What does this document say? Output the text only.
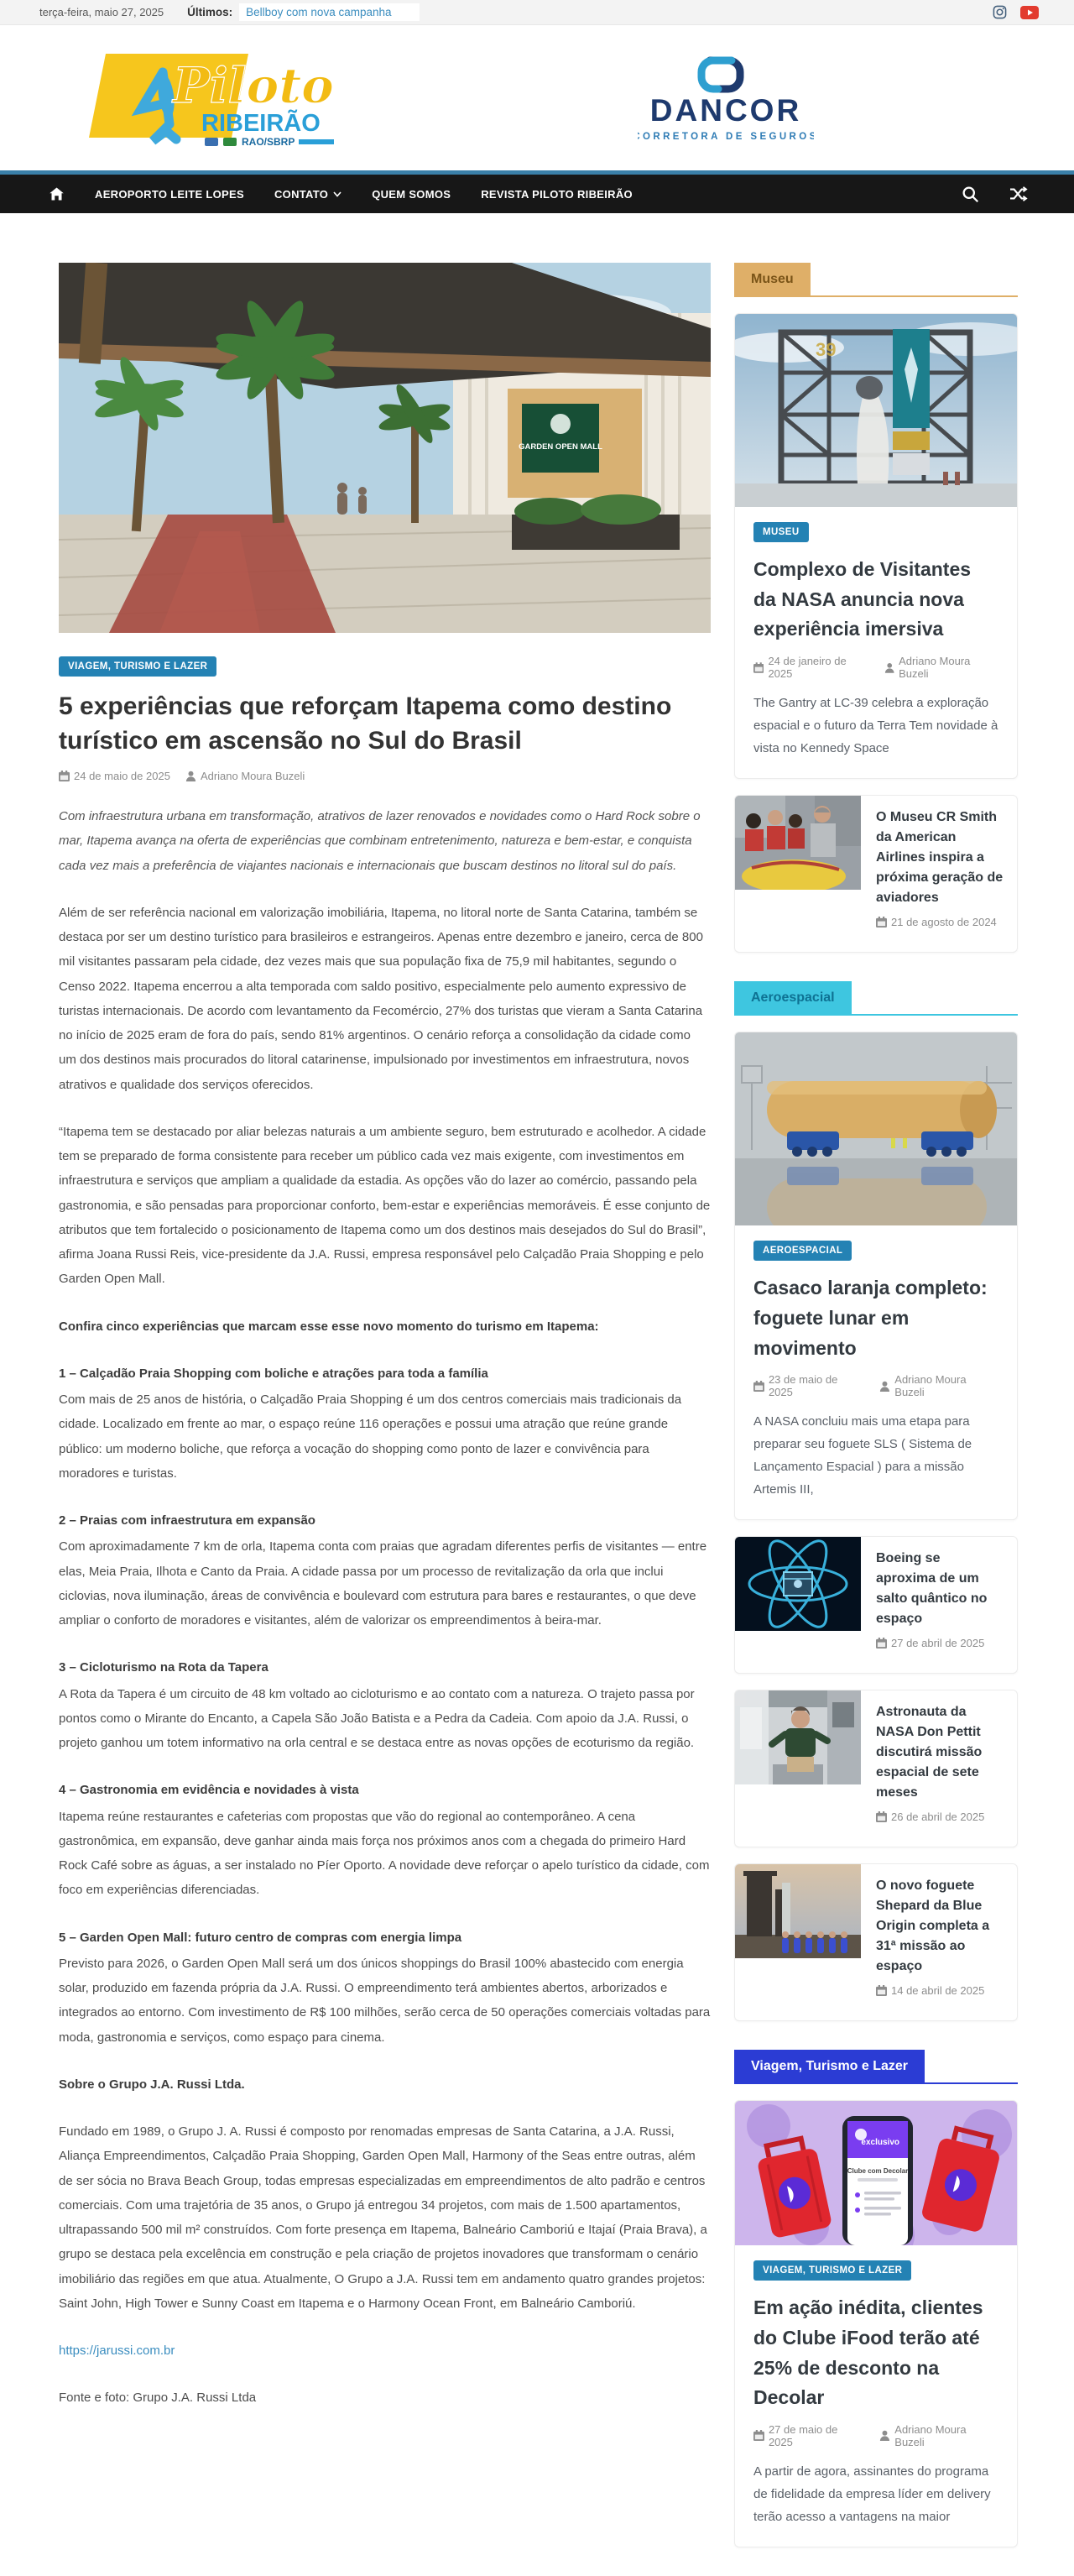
terça-feira, maio 27, 2025 Últimos:	Bellboy com nova campanha
Piloto
RIBEIRÃO
RAO/SBRP
DANCOR
CORRETORA DE SEGUROS
AEROPORTO LEITE LOPES	CONTATO	QUEM SOMOS	REVISTA PILOTO RIBEIRÃO
GARDEN OPEN MALL
VIAGEM, TURISMO E LAZER
5 experiências que reforçam Itapema como destino turístico em ascensão no Sul do Brasil
24 de maio de 2025	Adriano Moura Buzeli

Com infraestrutura urbana em transformação, atrativos de lazer renovados e novidades como o Hard Rock sobre o mar, Itapema avança na oferta de experiências que combinam entretenimento, natureza e bem-estar, e conquista cada vez mais a preferência de viajantes nacionais e internacionais que buscam destinos no litoral sul do país.

Além de ser referência nacional em valorização imobiliária, Itapema, no litoral norte de Santa Catarina, também se destaca por ser um destino turístico para brasileiros e estrangeiros. Apenas entre dezembro e janeiro, cerca de 800 mil visitantes passaram pela cidade, dez vezes mais que sua população fixa de 75,9 mil habitantes, segundo o Censo 2022. Itapema encerrou a alta temporada com saldo positivo, especialmente pelo aumento expressivo de turistas internacionais. De acordo com levantamento da Fecomércio, 27% dos turistas que vieram a Santa Catarina no início de 2025 eram de fora do país, sendo 81% argentinos. O cenário reforça a consolidação da cidade como um dos destinos mais procurados do litoral catarinense, impulsionado por investimentos em infraestrutura, novos atrativos e qualidade dos serviços oferecidos.

“Itapema tem se destacado por aliar belezas naturais a um ambiente seguro, bem estruturado e acolhedor. A cidade tem se preparado de forma consistente para receber um público cada vez mais exigente, com investimentos em infraestrutura e serviços que ampliam a qualidade da estadia. As opções vão do lazer ao comércio, passando pela gastronomia, e são pensadas para proporcionar conforto, bem-estar e experiências memoráveis. É esse conjunto de atributos que tem fortalecido o posicionamento de Itapema como um dos destinos mais desejados do Sul do Brasil”, afirma Joana Russi Reis, vice-presidente da J.A. Russi, empresa responsável pelo Calçadão Praia Shopping e pelo Garden Open Mall.

Confira cinco experiências que marcam esse esse novo momento do turismo em Itapema:

1 – Calçadão Praia Shopping com boliche e atrações para toda a família

Com mais de 25 anos de história, o Calçadão Praia Shopping é um dos centros comerciais mais tradicionais da cidade. Localizado em frente ao mar, o espaço reúne 116 operações e possui uma atração que reúne grande público: um moderno boliche, que reforça a vocação do shopping como ponto de lazer e convivência para moradores e turistas.

2 – Praias com infraestrutura em expansão

Com aproximadamente 7 km de orla, Itapema conta com praias que agradam diferentes perfis de visitantes — entre elas, Meia Praia, Ilhota e Canto da Praia. A cidade passa por um processo de revitalização da orla que inclui ciclovias, nova iluminação, áreas de convivência e boulevard com estrutura para bares e restaurantes, o que deve ampliar o conforto de moradores e visitantes, além de valorizar os empreendimentos à beira-mar.

3 – Cicloturismo na Rota da Tapera

A Rota da Tapera é um circuito de 48 km voltado ao cicloturismo e ao contato com a natureza. O trajeto passa por pontos como o Mirante do Encanto, a Capela São João Batista e a Pedra da Cadeia. Com apoio da J.A. Russi, o projeto ganhou um totem informativo na orla central e se destaca entre as novas opções de ecoturismo da região.

4 – Gastronomia em evidência e novidades à vista

Itapema reúne restaurantes e cafeterias com propostas que vão do regional ao contemporâneo. A cena gastronômica, em expansão, deve ganhar ainda mais força nos próximos anos com a chegada do primeiro Hard Rock Café sobre as águas, a ser instalado no Píer Oporto. A novidade deve reforçar o apelo turístico da cidade, com foco em experiências diferenciadas.

5 – Garden Open Mall: futuro centro de compras com energia limpa

Previsto para 2026, o Garden Open Mall será um dos únicos shoppings do Brasil 100% abastecido com energia solar, produzido em fazenda própria da J.A. Russi. O empreendimento terá ambientes abertos, arborizados e integrados ao entorno. Com investimento de R$ 100 milhões, serão cerca de 50 operações comerciais voltadas para moda, gastronomia e serviços, como espaço para cinema.

Sobre o Grupo J.A. Russi Ltda.

Fundado em 1989, o Grupo J. A. Russi é composto por renomadas empresas de Santa Catarina, a J.A. Russi, Aliança Empreendimentos, Calçadão Praia Shopping, Garden Open Mall, Harmony of the Seas entre outras, além de ser sócia no Brava Beach Group, todas empresas especializadas em empreendimentos de alto padrão e centros comerciais. Com uma trajetória de 35 anos, o Grupo já entregou 34 projetos, com mais de 1.500 apartamentos, ultrapassando 500 mil m² construídos. Com forte presença em Itapema, Balneário Camboriú e Itajaí (Praia Brava), a grupo se destaca pela excelência em construção e pela criação de projetos inovadores que transformam o cenário imobiliário das regiões em que atua. Atualmente, O Grupo a J.A. Russi tem em andamento quatro grandes projetos: Saint John, High Tower e Sunny Coast em Itapema e o Harmony Ocean Front, em Balneário Camboriú.

https://jarussi.com.br

Fonte e foto: Grupo J.A. Russi Ltda

Museu
39
MUSEU
Complexo de Visitantes da NASA anuncia nova experiência imersiva
24 de janeiro de 2025
Adriano Moura Buzeli

The Gantry at LC-39 celebra a exploração espacial e o futuro da Terra Tem novidade à vista no Kennedy Space

O Museu CR Smith da American Airlines inspira a próxima geração de aviadores
21 de agosto de 2024
Aeroespacial
AEROESPACIAL
Casaco laranja completo: foguete lunar em movimento
23 de maio de 2025
Adriano Moura Buzeli

A NASA concluiu mais uma etapa para preparar seu foguete SLS ( Sistema de Lançamento Espacial ) para a missão Artemis III,

Boeing se aproxima de um salto quântico no espaço
27 de abril de 2025
Astronauta da NASA Don Pettit discutirá missão espacial de sete meses
26 de abril de 2025
O novo foguete Shepard da Blue Origin completa a 31ª missão ao espaço
14 de abril de 2025
Viagem, Turismo e Lazer
exclusivo
Clube com Decolar
VIAGEM, TURISMO E LAZER
Em ação inédita, clientes do Clube iFood terão até 25% de desconto na Decolar
27 de maio de 2025
Adriano Moura Buzeli

A partir de agora, assinantes do programa de fidelidade da empresa líder em delivery terão acesso a vantagens na maior
